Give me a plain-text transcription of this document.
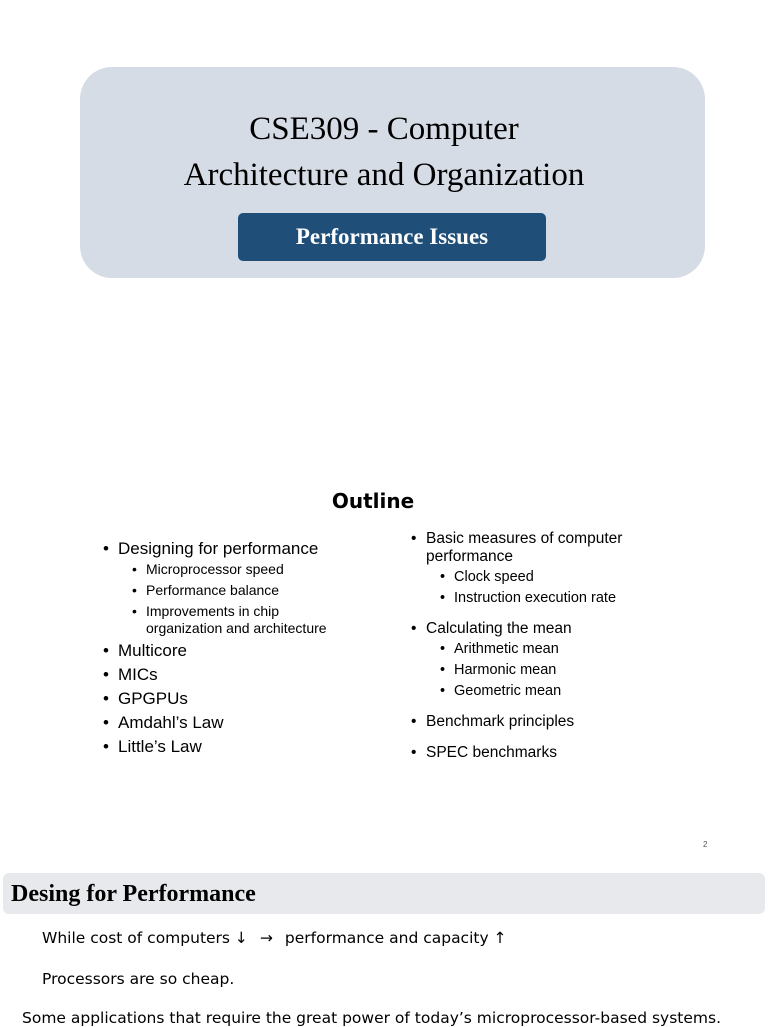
CSE309 - Computer
Architecture and Organization
Performance Issues
Outline
• Designing for performance
• Microprocessor speed
• Performance balance
• Improvements in chip organization and architecture
• Multicore
• MICs
• GPGPUs
• Amdahl’s Law
• Little’s Law
• Basic measures of computer performance
• Clock speed
• Instruction execution rate
• Calculating the mean
• Arithmetic mean
• Harmonic mean
• Geometric mean
• Benchmark principles
• SPEC benchmarks
2
Desing for Performance
While cost of computers ↓ → performance and capacity ↑
Processors are so cheap.
Some applications that require the great power of today’s microprocessor-based systems.
